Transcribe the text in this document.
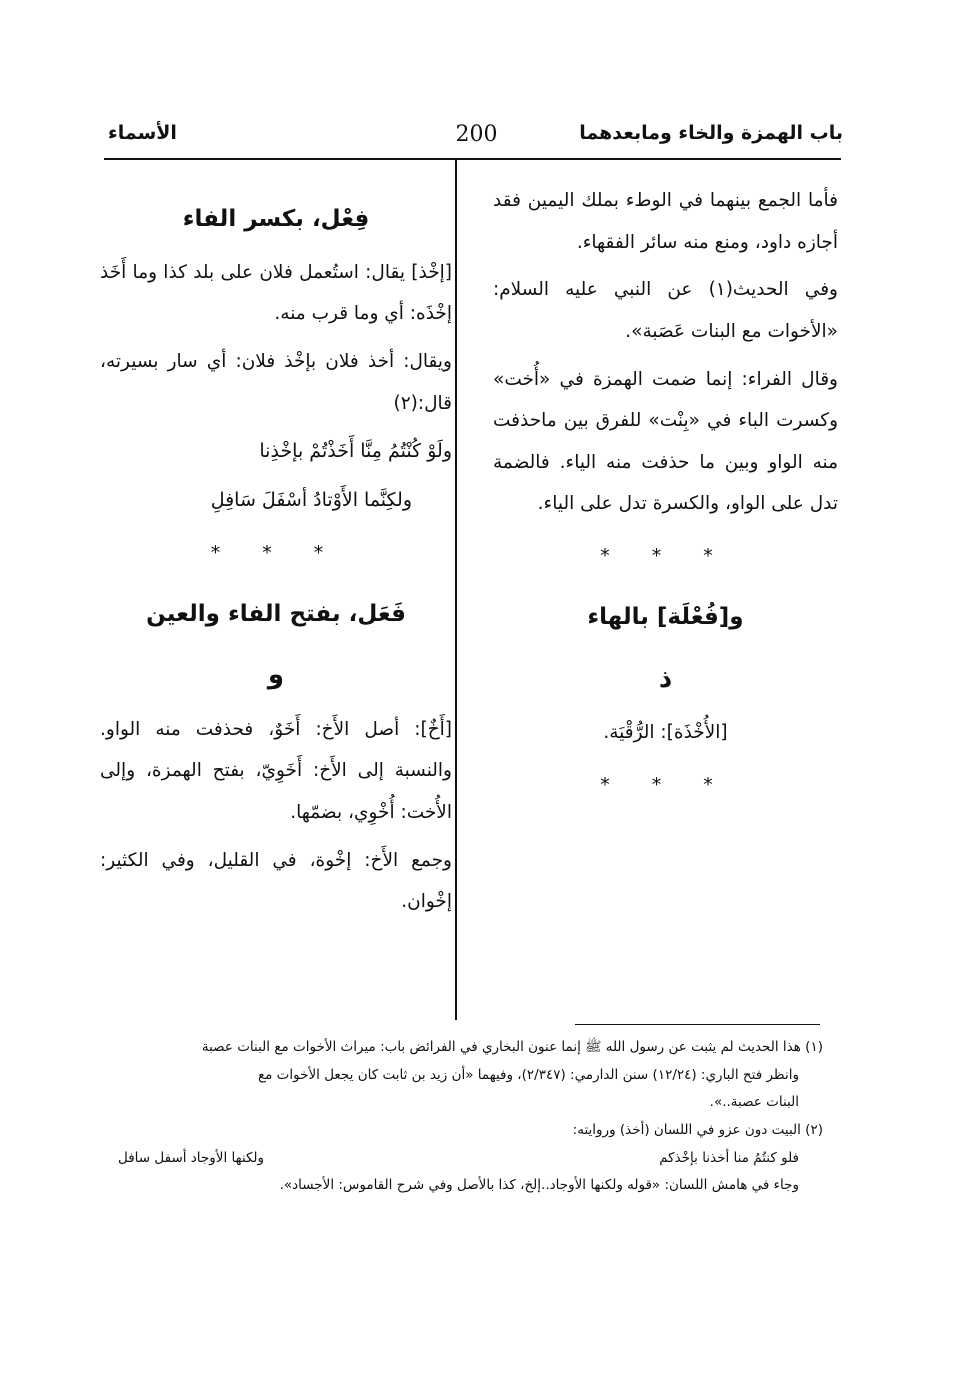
باب الهمزة والخاء ومابعدهما
200
الأسماء

فأما الجمع بينهما في الوطء بملك اليمين فقد أجازه داود، ومنع منه سائر الفقهاء.

وفي الحديث(١) عن النبي عليه السلام: «الأخوات مع البنات عَصَبة».

وقال الفراء: إنما ضمت الهمزة في «أُخت» وكسرت الباء في «بِنْت» للفرق بين ماحذفت منه الواو وبين ما حذفت منه الياء. فالضمة تدل على الواو، والكسرة تدل على الياء.

* * *

و[فُعْلَة] بالهاء

ذ

[الأُخْذَة]: الرُّقْيَة.

* * *

فِعْل، بكسر الفاء

[إخْذ] يقال: استُعمل فلان على بلد كذا وما أَخَذ إخْذَه: أي وما قرب منه.

ويقال: أخذ فلان بإخْذ فلان: أي سار بسيرته، قال:(٢)

ولَوْ كُنْتُمُ مِنَّا أَخَذْتُمْ بإخْذِنا

ولكِنَّما الأَوْتادُ أسْفَلَ سَافِلِ

* * *

فَعَل، بفتح الفاء والعين

و

[أَخٌ]: أصل الأَخ: أَخَوٌ، فحذفت منه الواو. والنسبة إلى الأَخ: أَخَوِيّ، بفتح الهمزة، وإلى الأُخت: أُخْوِي، بضمّها.

وجمع الأَخ: إخْوة، في القليل، وفي الكثير: إخْوان.

(١) هذا الحديث لم يثبت عن رسول الله ﷺ إنما عنون البخاري في الفرائض باب: ميراث الأخوات مع البنات عصبة

وانظر فتح الباري: (١٢/٢٤) سنن الدارمي: (٢/٣٤٧)، وفيهما «أن زيد بن ثابت كان يجعل الأخوات مع

البنات عصبة..».

(٢) البيت دون عزو في اللسان (أخذ) وروايته:

فلو كنتُمُ منا أخذنا بإخْذكم
ولكنها الأوجاد أسفل سافل

وجاء في هامش اللسان: «قوله ولكنها الأوجاد..إلخ، كذا بالأصل وفي شرح القاموس: الأجساد».
